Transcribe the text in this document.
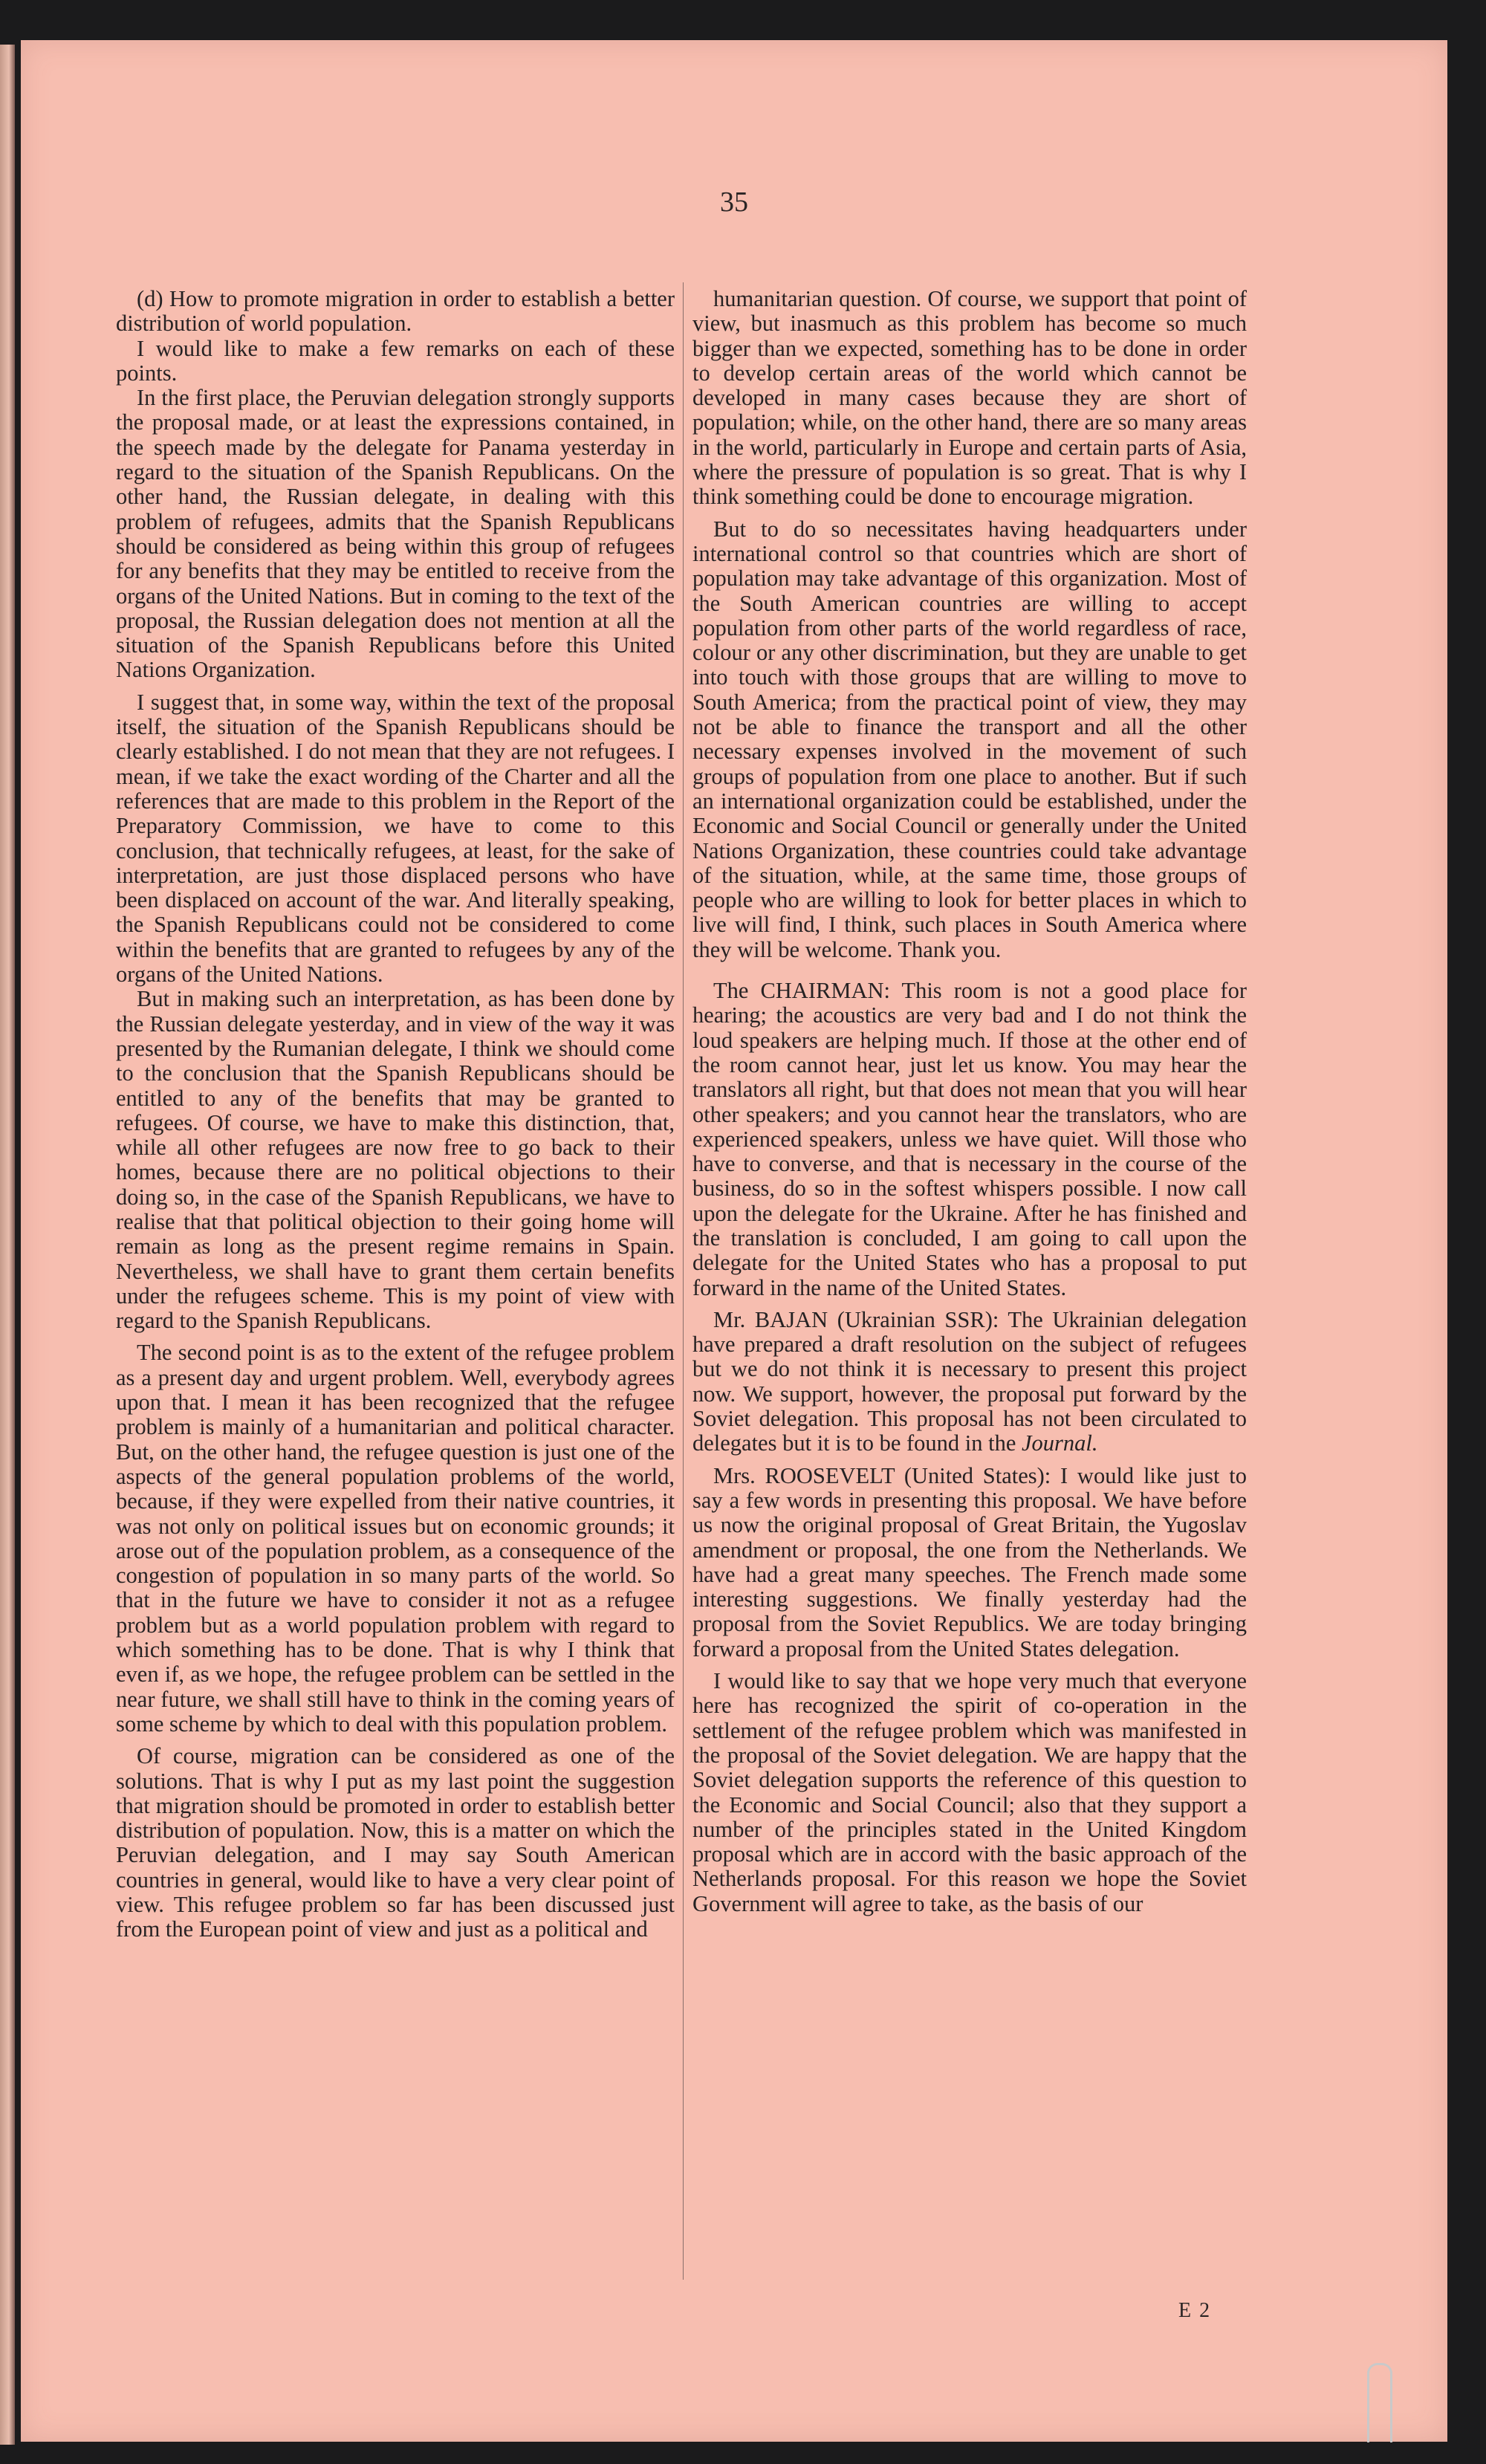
35

(d) How to promote migration in order to establish a better distribution of world population.

I would like to make a few remarks on each of these points.

In the first place, the Peruvian delegation strongly supports the proposal made, or at least the expressions contained, in the speech made by the delegate for Panama yesterday in regard to the situation of the Spanish Republicans. On the other hand, the Russian delegate, in dealing with this problem of refugees, admits that the Spanish Republicans should be considered as being within this group of refugees for any benefits that they may be entitled to receive from the organs of the United Nations. But in coming to the text of the proposal, the Russian delegation does not mention at all the situation of the Spanish Republicans before this United Nations Organization.

I suggest that, in some way, within the text of the proposal itself, the situation of the Spanish Republicans should be clearly established. I do not mean that they are not refugees. I mean, if we take the exact wording of the Charter and all the references that are made to this problem in the Report of the Preparatory Commission, we have to come to this conclusion, that technically refugees, at least, for the sake of interpretation, are just those displaced persons who have been displaced on account of the war. And literally speaking, the Spanish Republicans could not be considered to come within the benefits that are granted to refugees by any of the organs of the United Nations.

But in making such an interpretation, as has been done by the Russian delegate yesterday, and in view of the way it was presented by the Rumanian delegate, I think we should come to the conclusion that the Spanish Republicans should be entitled to any of the benefits that may be granted to refugees. Of course, we have to make this distinction, that, while all other refugees are now free to go back to their homes, because there are no political objections to their doing so, in the case of the Spanish Republicans, we have to realise that that political objection to their going home will remain as long as the present regime remains in Spain. Nevertheless, we shall have to grant them certain benefits under the refugees scheme. This is my point of view with regard to the Spanish Republicans.

The second point is as to the extent of the refugee problem as a present day and urgent problem. Well, everybody agrees upon that. I mean it has been recognized that the refugee problem is mainly of a humanitarian and political character. But, on the other hand, the refugee question is just one of the aspects of the general population problems of the world, because, if they were expelled from their native countries, it was not only on political issues but on economic grounds; it arose out of the population problem, as a consequence of the congestion of population in so many parts of the world. So that in the future we have to consider it not as a refugee problem but as a world population problem with regard to which something has to be done. That is why I think that even if, as we hope, the refugee problem can be settled in the near future, we shall still have to think in the coming years of some scheme by which to deal with this population problem.

Of course, migration can be considered as one of the solutions. That is why I put as my last point the suggestion that migration should be promoted in order to establish better distribution of population. Now, this is a matter on which the Peruvian delegation, and I may say South American countries in general, would like to have a very clear point of view. This refugee problem so far has been discussed just from the European point of view and just as a political and

humanitarian question. Of course, we support that point of view, but inasmuch as this problem has become so much bigger than we expected, something has to be done in order to develop certain areas of the world which cannot be developed in many cases because they are short of population; while, on the other hand, there are so many areas in the world, particularly in Europe and certain parts of Asia, where the pressure of population is so great. That is why I think something could be done to encourage migration.

But to do so necessitates having headquarters under international control so that countries which are short of population may take advantage of this organization. Most of the South American countries are willing to accept population from other parts of the world regardless of race, colour or any other discrimination, but they are unable to get into touch with those groups that are willing to move to South America; from the practical point of view, they may not be able to finance the transport and all the other necessary expenses involved in the movement of such groups of population from one place to another. But if such an international organization could be established, under the Economic and Social Council or generally under the United Nations Organization, these countries could take advantage of the situation, while, at the same time, those groups of people who are willing to look for better places in which to live will find, I think, such places in South America where they will be welcome. Thank you.

The CHAIRMAN: This room is not a good place for hearing; the acoustics are very bad and I do not think the loud speakers are helping much. If those at the other end of the room cannot hear, just let us know. You may hear the translators all right, but that does not mean that you will hear other speakers; and you cannot hear the translators, who are experienced speakers, unless we have quiet. Will those who have to converse, and that is necessary in the course of the business, do so in the softest whispers possible. I now call upon the delegate for the Ukraine. After he has finished and the translation is concluded, I am going to call upon the delegate for the United States who has a proposal to put forward in the name of the United States.

Mr. BAJAN (Ukrainian SSR): The Ukrainian delegation have prepared a draft resolution on the subject of refugees but we do not think it is necessary to present this project now. We support, however, the proposal put forward by the Soviet delegation. This proposal has not been circulated to delegates but it is to be found in the Journal.

Mrs. ROOSEVELT (United States): I would like just to say a few words in presenting this proposal. We have before us now the original proposal of Great Britain, the Yugoslav amendment or proposal, the one from the Netherlands. We have had a great many speeches. The French made some interesting suggestions. We finally yesterday had the proposal from the Soviet Republics. We are today bringing forward a proposal from the United States delegation.

I would like to say that we hope very much that everyone here has recognized the spirit of co-operation in the settlement of the refugee problem which was manifested in the proposal of the Soviet delegation. We are happy that the Soviet delegation supports the reference of this question to the Economic and Social Council; also that they support a number of the principles stated in the United Kingdom proposal which are in accord with the basic approach of the Netherlands proposal. For this reason we hope the Soviet Government will agree to take, as the basis of our

E 2
